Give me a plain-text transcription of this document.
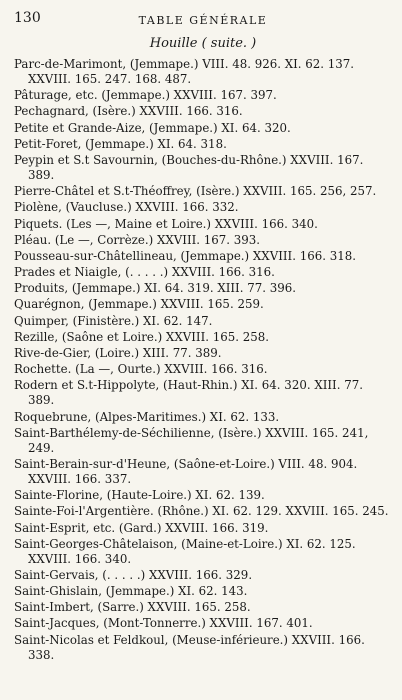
130	TABLE GÉNÉRALE
Houille ( suite. )
Parc-de-Marimont, (Jemmape.) VIII. 48. 926. XI. 62. 137. XXVIII. 165. 247. 168. 487.
Pâturage, etc. (Jemmape.) XXVIII. 167. 397.
Pechagnard, (Isère.) XXVIII. 166. 316.
Petite et Grande-Aize, (Jemmape.) XI. 64. 320.
Petit-Foret, (Jemmape.) XI. 64. 318.
Peypin et S.t Savournin, (Bouches-du-Rhône.) XXVIII. 167. 389.
Pierre-Châtel et S.t-Théoffrey, (Isère.) XXVIII. 165. 256, 257.
Piolène, (Vaucluse.) XXVIII. 166. 332.
Piquets. (Les —, Maine et Loire.) XXVIII. 166. 340.
Pléau. (Le —, Corrèze.) XXVIII. 167. 393.
Pousseau-sur-Châtellineau, (Jemmape.) XXVIII. 166. 318.
Prades et Niaigle, (. . . . .) XXVIII. 166. 316.
Produits, (Jemmape.) XI. 64. 319. XIII. 77. 396.
Quarégnon, (Jemmape.) XXVIII. 165. 259.
Quimper, (Finistère.) XI. 62. 147.
Rezille, (Saône et Loire.) XXVIII. 165. 258.
Rive-de-Gier, (Loire.) XIII. 77. 389.
Rochette. (La —, Ourte.) XXVIII. 166. 316.
Rodern et S.t-Hippolyte, (Haut-Rhin.) XI. 64. 320. XIII. 77. 389.
Roquebrune, (Alpes-Maritimes.) XI. 62. 133.
Saint-Barthélemy-de-Séchilienne, (Isère.) XXVIII. 165. 241, 249.
Saint-Berain-sur-d'Heune, (Saône-et-Loire.) VIII. 48. 904. XXVIII. 166. 337.
Sainte-Florine, (Haute-Loire.) XI. 62. 139.
Sainte-Foi-l'Argentière. (Rhône.) XI. 62. 129. XXVIII. 165. 245.
Saint-Esprit, etc. (Gard.) XXVIII. 166. 319.
Saint-Georges-Châtelaison, (Maine-et-Loire.) XI. 62. 125. XXVIII. 166. 340.
Saint-Gervais, (. . . . .) XXVIII. 166. 329.
Saint-Ghislain, (Jemmape.) XI. 62. 143.
Saint-Imbert, (Sarre.) XXVIII. 165. 258.
Saint-Jacques, (Mont-Tonnerre.) XXVIII. 167. 401.
Saint-Nicolas et Feldkoul, (Meuse-inférieure.) XXVIII. 166. 338.
